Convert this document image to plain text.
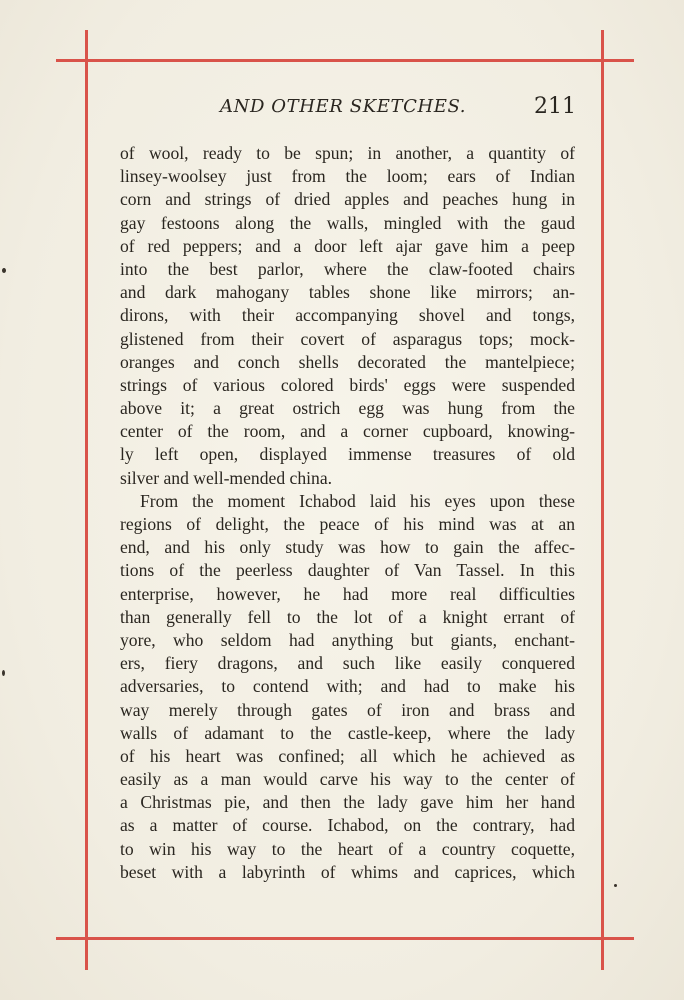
AND OTHER SKETCHES.	211
of wool, ready to be spun; in another, a quantity of
linsey-woolsey just from the loom; ears of Indian
corn and strings of dried apples and peaches hung in
gay festoons along the walls, mingled with the gaud
of red peppers; and a door left ajar gave him a peep
into the best parlor, where the claw-footed chairs
and dark mahogany tables shone like mirrors; an-
dirons, with their accompanying shovel and tongs,
glistened from their covert of asparagus tops; mock-
oranges and conch shells decorated the mantelpiece;
strings of various colored birds' eggs were suspended
above it; a great ostrich egg was hung from the
center of the room, and a corner cupboard, knowing-
ly left open, displayed immense treasures of old
silver and well-mended china.
From the moment Ichabod laid his eyes upon these
regions of delight, the peace of his mind was at an
end, and his only study was how to gain the affec-
tions of the peerless daughter of Van Tassel. In this
enterprise, however, he had more real difficulties
than generally fell to the lot of a knight errant of
yore, who seldom had anything but giants, enchant-
ers, fiery dragons, and such like easily conquered
adversaries, to contend with; and had to make his
way merely through gates of iron and brass and
walls of adamant to the castle-keep, where the lady
of his heart was confined; all which he achieved as
easily as a man would carve his way to the center of
a Christmas pie, and then the lady gave him her hand
as a matter of course. Ichabod, on the contrary, had
to win his way to the heart of a country coquette,
beset with a labyrinth of whims and caprices, which
